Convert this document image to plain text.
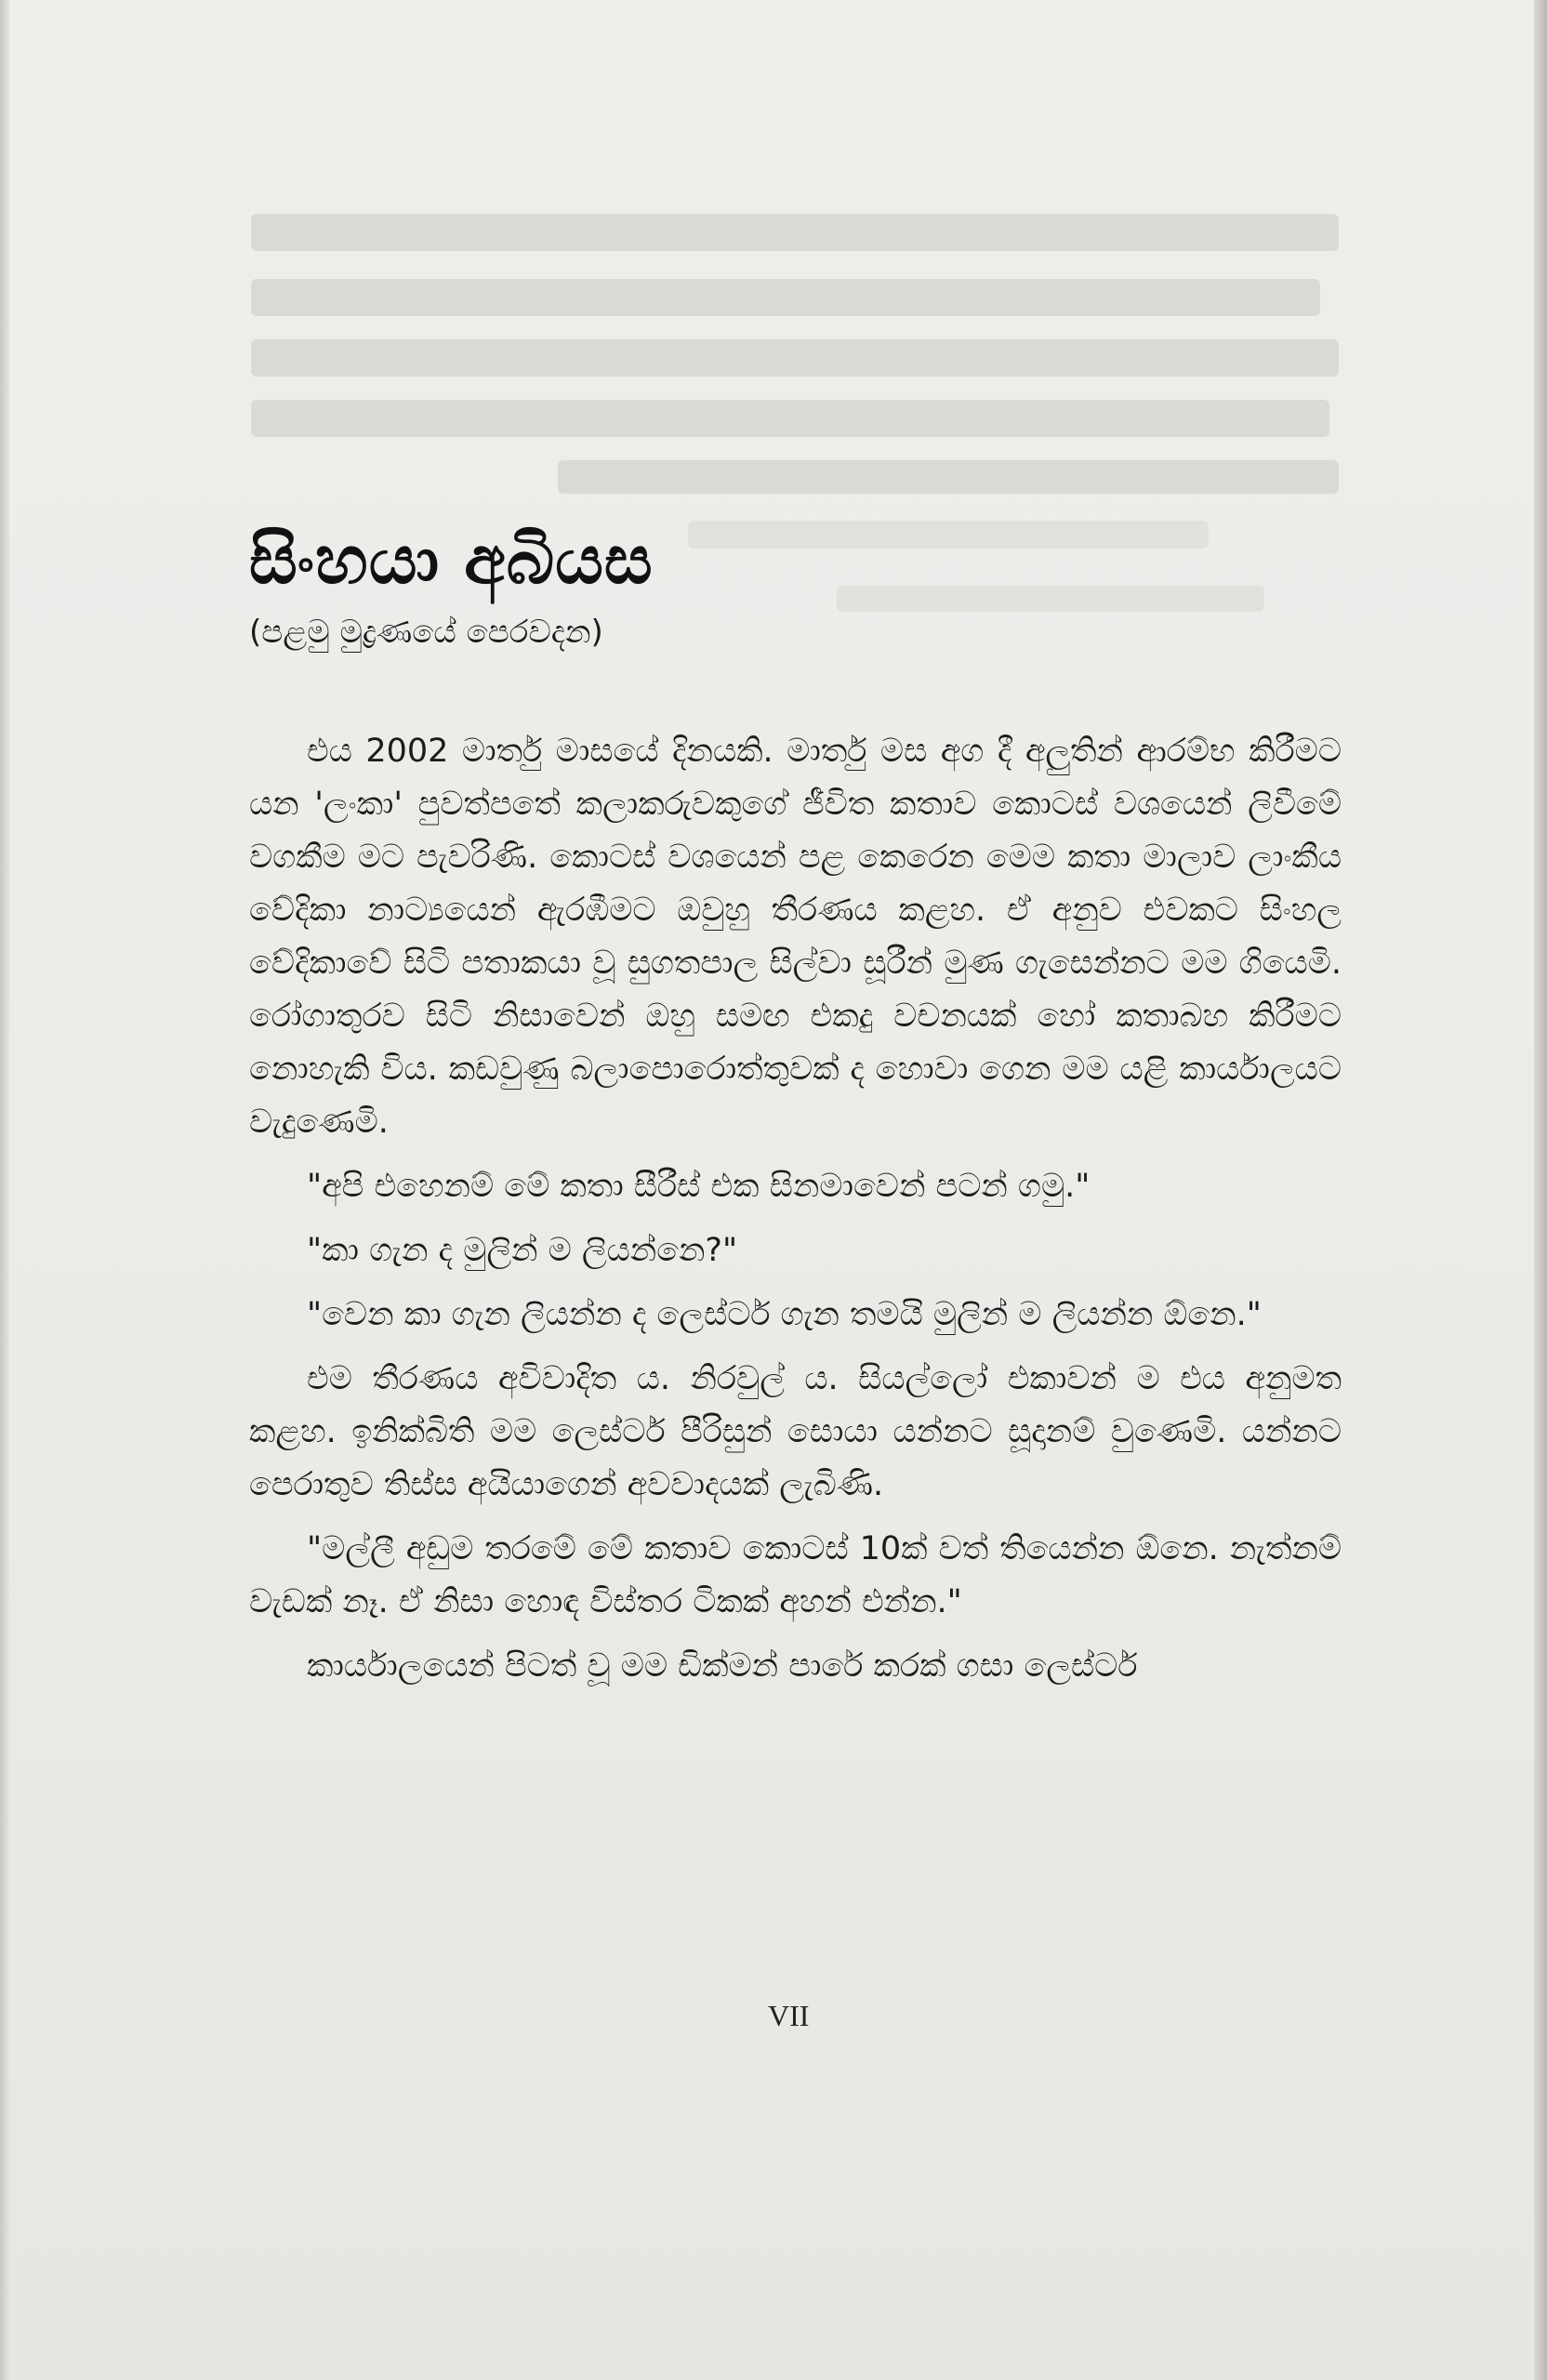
සිංහයා අබියස
(පළමු මුද්‍රණයේ පෙරවදන)

එය 2002 මාර්තු මාසයේ දිනයකි. මාර්තු මස අග දී අලුතින් ආරම්භ කිරීමට යන 'ලංකා' පුවත්පතේ කලාකරුවකුගේ ජීවිත කතාව කොටස් වශයෙන් ලිවීමේ වගකීම මට පැවරිණි. කොටස් වශයෙන් පළ කෙරෙන මෙම කතා මාලාව ලාංකීය වේදිකා නාට්‍යයෙන් ඇරඹීමට ඔවුහු තීරණය කළහ. ඒ අනුව එවකට සිංහල වේදිකාවේ සිටි පතාකයා වූ සුගතපාල සිල්වා සූරීන් මුණ ගැසෙන්නට මම ගියෙමි. රෝගාතුරව සිටි නිසාවෙන් ඔහු සමඟ එකදු වචනයක් හෝ කතාබහ කිරීමට නොහැකි විය. කඩවුණු බලාපොරොත්තුවක් ද හොවා ගෙන මම යළි කාර්යාලයට වැදුණෙමි.

"අපි එහෙනම් මේ කතා සීරීස් එක සිනමාවෙන් පටන් ගමු."

"කා ගැන ද මුලින් ම ලියන්නෙ?"

"වෙන කා ගැන ලියන්න ද ලෙස්ටර් ගැන තමයි මුලින් ම ලියන්න ඕනෙ."

එම තීරණය අවිවාදිත ය. නිරවුල් ය. සියල්ලෝ එකාවන් ම එය අනුමත කළහ. ඉනික්බිති මම ලෙස්ටර් පීරිසුන් සොයා යන්නට සූදානම් වුණෙමි. යන්නට පෙරාතුව තිස්ස අයියාගෙන් අවවාදයක් ලැබිණි.

"මල්ලී අඩුම තරමේ මේ කතාව කොටස් 10ක් වත් තියෙන්න ඕනෙ. නැත්නම් වැඩක් නෑ. ඒ නිසා හොඳ විස්තර ටිකක් අහන් එන්න."

කාර්යාලයෙන් පිටත් වූ මම ඩික්මන් පාරේ කරක් ගසා ලෙස්ටර්

VII
